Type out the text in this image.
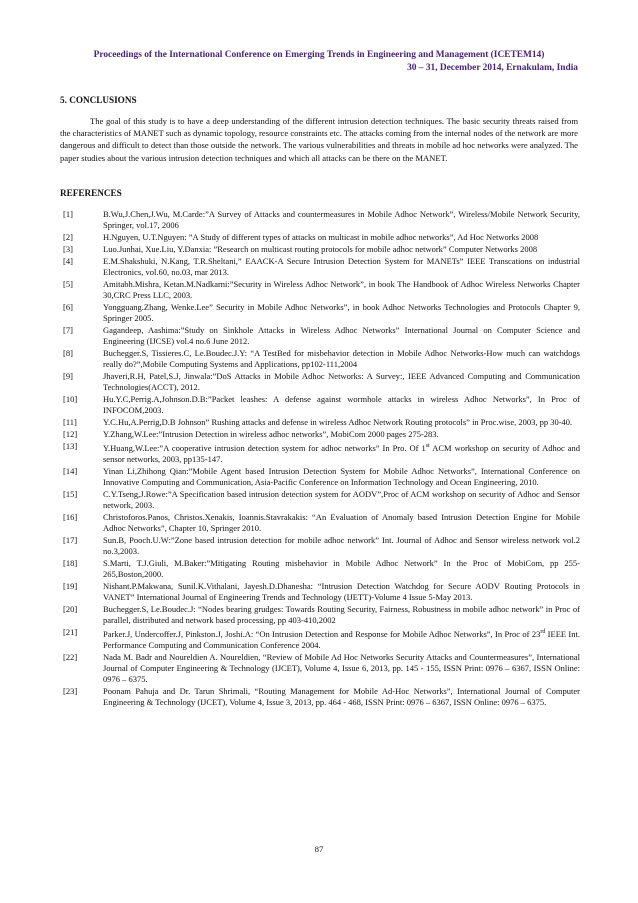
Proceedings of the International Conference on Emerging Trends in Engineering and Management (ICETEM14)
30 – 31, December 2014, Ernakulam, India
5. CONCLUSIONS

The goal of this study is to have a deep understanding of the different intrusion detection techniques. The basic security threats raised from the characteristics of MANET such as dynamic topology, resource constraints etc. The attacks coming from the internal nodes of the network are more dangerous and difficult to detect than those outside the network. The various vulnerabilities and threats in mobile ad hoc networks were analyzed. The paper studies about the various intrusion detection techniques and which all attacks can be there on the MANET.

REFERENCES
[1]	B.Wu,J.Chen,J.Wu, M.Carde:”A Survey of Attacks and countermeasures in Mobile Adhoc Network”, Wireless/Mobile Network Security, Springer, vol.17, 2006
[2]	H.Nguyen, U.T.Nguyen: ”A Study of different types of attacks on multicast in mobile adhoc networks”, Ad Hoc Networks 2008
[3]	Luo.Junhai, Xue.Liu, Y.Danxia: ”Research on multicast routing protocols for mobile adhoc network” Computer Networks 2008
[4]	E.M.Shakshuki, N.Kang, T.R.Sheltani,” EAACK-A Secure Intrusion Detection System for MANETs” IEEE Transcations on industrial Electronics, vol.60, no.03, mar 2013.
[5]	Amitabh.Mishra, Ketan.M.Nadkarni:”Security in Wireless Adhoc Network”, in book The Handbook of Adhoc Wireless Networks Chapter 30,CRC Press LLC, 2003.
[6]	Yongguang.Zhang, Wenke.Lee” Security in Mobile Adhoc Networks”, in book Adhoc Networks Technologies and Protocols Chapter 9, Springer 2005.
[7]	Gagandeep, Aashima:”Study on Sinkhole Attacks in Wireless Adhoc Networks” International Journal on Computer Science and Engineering (IJCSE) vol.4 no.6 June 2012.
[8]	Buchegger.S, Tissieres.C, Le.Boudec.J.Y: “A TestBed for misbehavior detection in Mobile Adhoc Networks-How much can watchdogs really do?”,Mobile Computing Systems and Applications, pp102-111,2004
[9]	Jhaveri,R.H, Patel,S.J, Jinwala:”DoS Attacks in Mobile Adhoc Networks: A Survey:, IEEE Advanced Computing and Communication Technologies(ACCT), 2012.
[10]	Hu.Y.C,Perrig.A,Johnson.D.B:”Packet leashes: A defense against wormhole attacks in wireless Adhoc Networks”, In Proc of INFOCOM,2003.
[11]	Y.C.Hu,A.Perrig,D.B Johnson” Rushing attacks and defense in wireless Adhoc Network Routing protocols” in Proc.wise, 2003, pp 30-40.
[12]	Y.Zhang,W.Lee:”Intrusion Detection in wireless adhoc networks”, MobiCom 2000 pages 275-283.
[13]	Y.Huang,W.Lee:”A cooperative intrusion detection system for adhoc networks” In Pro. Of 1st ACM workshop on security of Adhoc and sensor networks, 2003, pp135-147.
[14]	Yinan Li,Zhihong Qian:”Mobile Agent based Intrusion Detection System for Mobile Adhoc Networks”, International Conference on Innovative Computing and Communication, Asia-Pacific Conference on Information Technology and Ocean Engineering, 2010.
[15]	C.Y.Tseng,J.Rowe:”A Specification based intrusion detection system for AODV”,Proc of ACM workshop on security of Adhoc and Sensor network, 2003.
[16]	Christoforos.Panos, Christos.Xenakis, Ioannis.Stavrakakis: “An Evaluation of Anomaly based Intrusion Detection Engine for Mobile Adhoc Networks”, Chapter 10, Springer 2010.
[17]	Sun.B, Pooch.U.W:”Zone based intrusion detection for mobile adhoc network” Int. Journal of Adhoc and Sensor wireless network vol.2 no.3,2003.
[18]	S.Marti, T.J.Giuli, M.Baker:”Mitigating Routing misbehavior in Mobile Adhoc Network” In the Proc of MobiCom, pp 255-265,Boston,2000.
[19]	Nishant.P.Makwana, Sunil.K.Vithalani, Jayesh.D.Dhanesha: “Intrusion Detection Watchdog for Secure AODV Routing Protocols in VANET” International Journal of Engineering Trends and Technology (IJETT)-Volume 4 Issue 5-May 2013.
[20]	Buchegger.S, Le.Boudec.J: “Nodes bearing grudges: Towards Routing Security, Fairness, Robustness in mobile adhoc network” in Proc of parallel, distributed and network based processing, pp 403-410,2002
[21]	Parker.J, Undercoffer.J, Pinkston.J, Joshi.A: “On Intrusion Detection and Response for Mobile Adhoc Networks”, In Proc of 23rd IEEE Int. Performance Computing and Communication Conference 2004.
[22]	Nada M. Badr and Noureldien A. Noureldien, “Review of Mobile Ad Hoc Networks Security Attacks and Countermeasures”, International Journal of Computer Engineering & Technology (IJCET), Volume 4, Issue 6, 2013, pp. 145 - 155, ISSN Print: 0976 – 6367, ISSN Online: 0976 – 6375.
[23]	Poonam Pahuja and Dr. Tarun Shrimali, “Routing Management for Mobile Ad-Hoc Networks”, International Journal of Computer Engineering & Technology (IJCET), Volume 4, Issue 3, 2013, pp. 464 - 468, ISSN Print: 0976 – 6367, ISSN Online: 0976 – 6375.
87
